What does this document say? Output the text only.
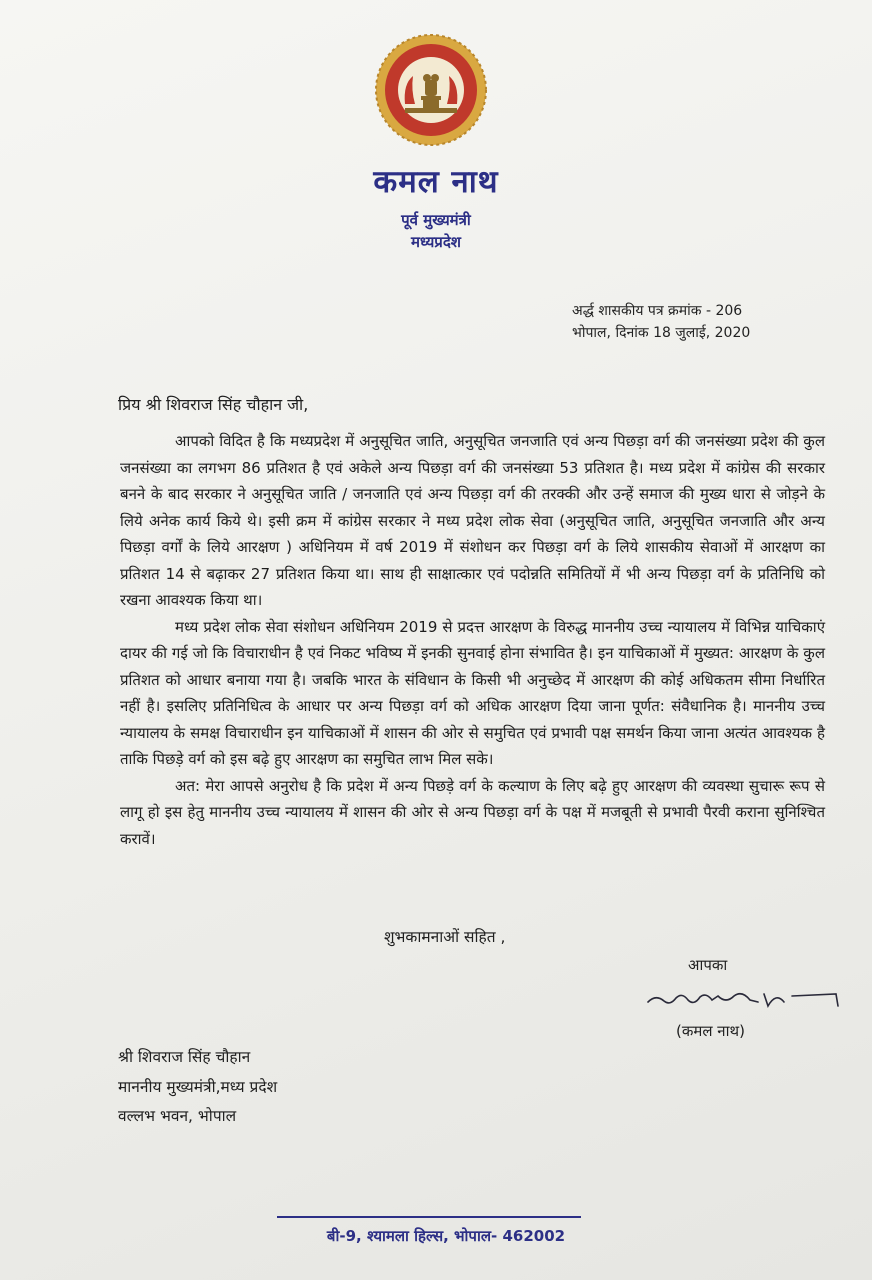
कमल नाथ
पूर्व मुख्यमंत्री
मध्यप्रदेश
अर्द्ध शासकीय पत्र क्रमांक - 206
भोपाल, दिनांक 18 जुलाई, 2020
प्रिय श्री शिवराज सिंह चौहान जी,

आपको विदित है कि मध्यप्रदेश में अनुसूचित जाति, अनुसूचित जनजाति एवं अन्य पिछड़ा वर्ग की जनसंख्या प्रदेश की कुल जनसंख्या का लगभग 86 प्रतिशत है एवं अकेले अन्य पिछड़ा वर्ग की जनसंख्या 53 प्रतिशत है। मध्य प्रदेश में कांग्रेस की सरकार बनने के बाद सरकार ने अनुसूचित जाति / जनजाति एवं अन्य पिछड़ा वर्ग की तरक्की और उन्हें समाज की मुख्य धारा से जोड़ने के लिये अनेक कार्य किये थे। इसी क्रम में कांग्रेस सरकार ने मध्य प्रदेश लोक सेवा (अनुसूचित जाति, अनुसूचित जनजाति और अन्य पिछड़ा वर्गों के लिये आरक्षण ) अधिनियम में वर्ष 2019 में संशोधन कर पिछड़ा वर्ग के लिये शासकीय सेवाओं में आरक्षण का प्रतिशत 14 से बढ़ाकर 27 प्रतिशत किया था। साथ ही साक्षात्कार एवं पदोन्नति समितियों में भी अन्य पिछड़ा वर्ग के प्रतिनिधि को रखना आवश्यक किया था।

मध्य प्रदेश लोक सेवा संशोधन अधिनियम 2019 से प्रदत्त आरक्षण के विरुद्ध माननीय उच्च न्यायालय में विभिन्न याचिकाएं दायर की गई जो कि विचाराधीन है एवं निकट भविष्य में इनकी सुनवाई होना संभावित है। इन याचिकाओं में मुख्यत: आरक्षण के कुल प्रतिशत को आधार बनाया गया है। जबकि भारत के संविधान के किसी भी अनुच्छेद में आरक्षण की कोई अधिकतम सीमा निर्धारित नहीं है। इसलिए प्रतिनिधित्व के आधार पर अन्य पिछड़ा वर्ग को अधिक आरक्षण दिया जाना पूर्णत: संवैधानिक है। माननीय उच्च न्यायालय के समक्ष विचाराधीन इन याचिकाओं में शासन की ओर से समुचित एवं प्रभावी पक्ष समर्थन किया जाना अत्यंत आवश्यक है ताकि पिछड़े वर्ग को इस बढ़े हुए आरक्षण का समुचित लाभ मिल सके।

अत: मेरा आपसे अनुरोध है कि प्रदेश में अन्य पिछड़े वर्ग के कल्याण के लिए बढ़े हुए आरक्षण की व्यवस्था सुचारू रूप से लागू हो इस हेतु माननीय उच्च न्यायालय में शासन की ओर से अन्य पिछड़ा वर्ग के पक्ष में मजबूती से प्रभावी पैरवी कराना सुनिश्चित करावें।

शुभकामनाओं सहित ,
आपका
(कमल नाथ)
श्री शिवराज सिंह चौहान
माननीय मुख्यमंत्री,मध्य प्रदेश
वल्लभ भवन, भोपाल
बी-9, श्यामला हिल्स, भोपाल- 462002
